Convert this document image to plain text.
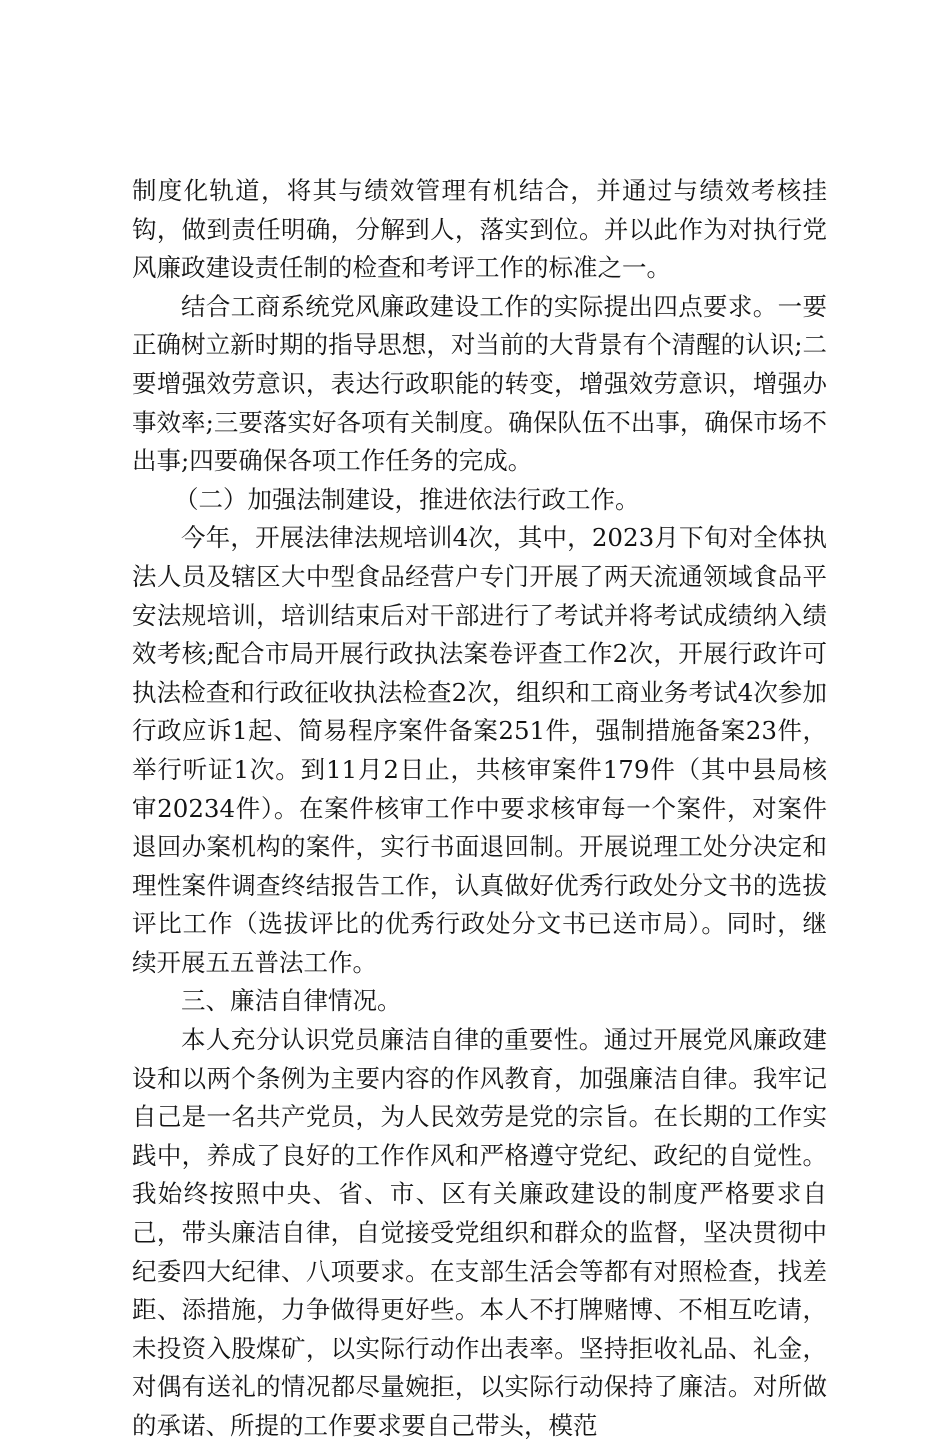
制度化轨道，将其与绩效管理有机结合，并通过与绩效考核挂钩，做到责任明确，分解到人，落实到位。并以此作为对执行党风廉政建设责任制的检查和考评工作的标准之一。

结合工商系统党风廉政建设工作的实际提出四点要求。一要正确树立新时期的指导思想，对当前的大背景有个清醒的认识;二要增强效劳意识，表达行政职能的转变，增强效劳意识，增强办事效率;三要落实好各项有关制度。确保队伍不出事，确保市场不出事;四要确保各项工作任务的完成。

（二）加强法制建设，推进依法行政工作。

今年，开展法律法规培训4次，其中，2023月下旬对全体执法人员及辖区大中型食品经营户专门开展了两天流通领域食品平安法规培训，培训结束后对干部进行了考试并将考试成绩纳入绩效考核;配合市局开展行政执法案卷评查工作2次，开展行政许可执法检查和行政征收执法检查2次，组织和工商业务考试4次参加行政应诉1起、简易程序案件备案251件，强制措施备案23件，举行听证1次。到11月2日止，共核审案件179件（其中县局核审20234件）。在案件核审工作中要求核审每一个案件，对案件退回办案机构的案件，实行书面退回制。开展说理工处分决定和理性案件调查终结报告工作，认真做好优秀行政处分文书的选拔评比工作（选拔评比的优秀行政处分文书已送市局）。同时，继续开展五五普法工作。

三、廉洁自律情况。

本人充分认识党员廉洁自律的重要性。通过开展党风廉政建设和以两个条例为主要内容的作风教育，加强廉洁自律。我牢记自己是一名共产党员，为人民效劳是党的宗旨。在长期的工作实践中，养成了良好的工作作风和严格遵守党纪、政纪的自觉性。我始终按照中央、省、市、区有关廉政建设的制度严格要求自己，带头廉洁自律，自觉接受党组织和群众的监督，坚决贯彻中纪委四大纪律、八项要求。在支部生活会等都有对照检查，找差距、添措施，力争做得更好些。本人不打牌赌博、不相互吃请，未投资入股煤矿，以实际行动作出表率。坚持拒收礼品、礼金，对偶有送礼的情况都尽量婉拒，以实际行动保持了廉洁。对所做的承诺、所提的工作要求要自己带头，模范
